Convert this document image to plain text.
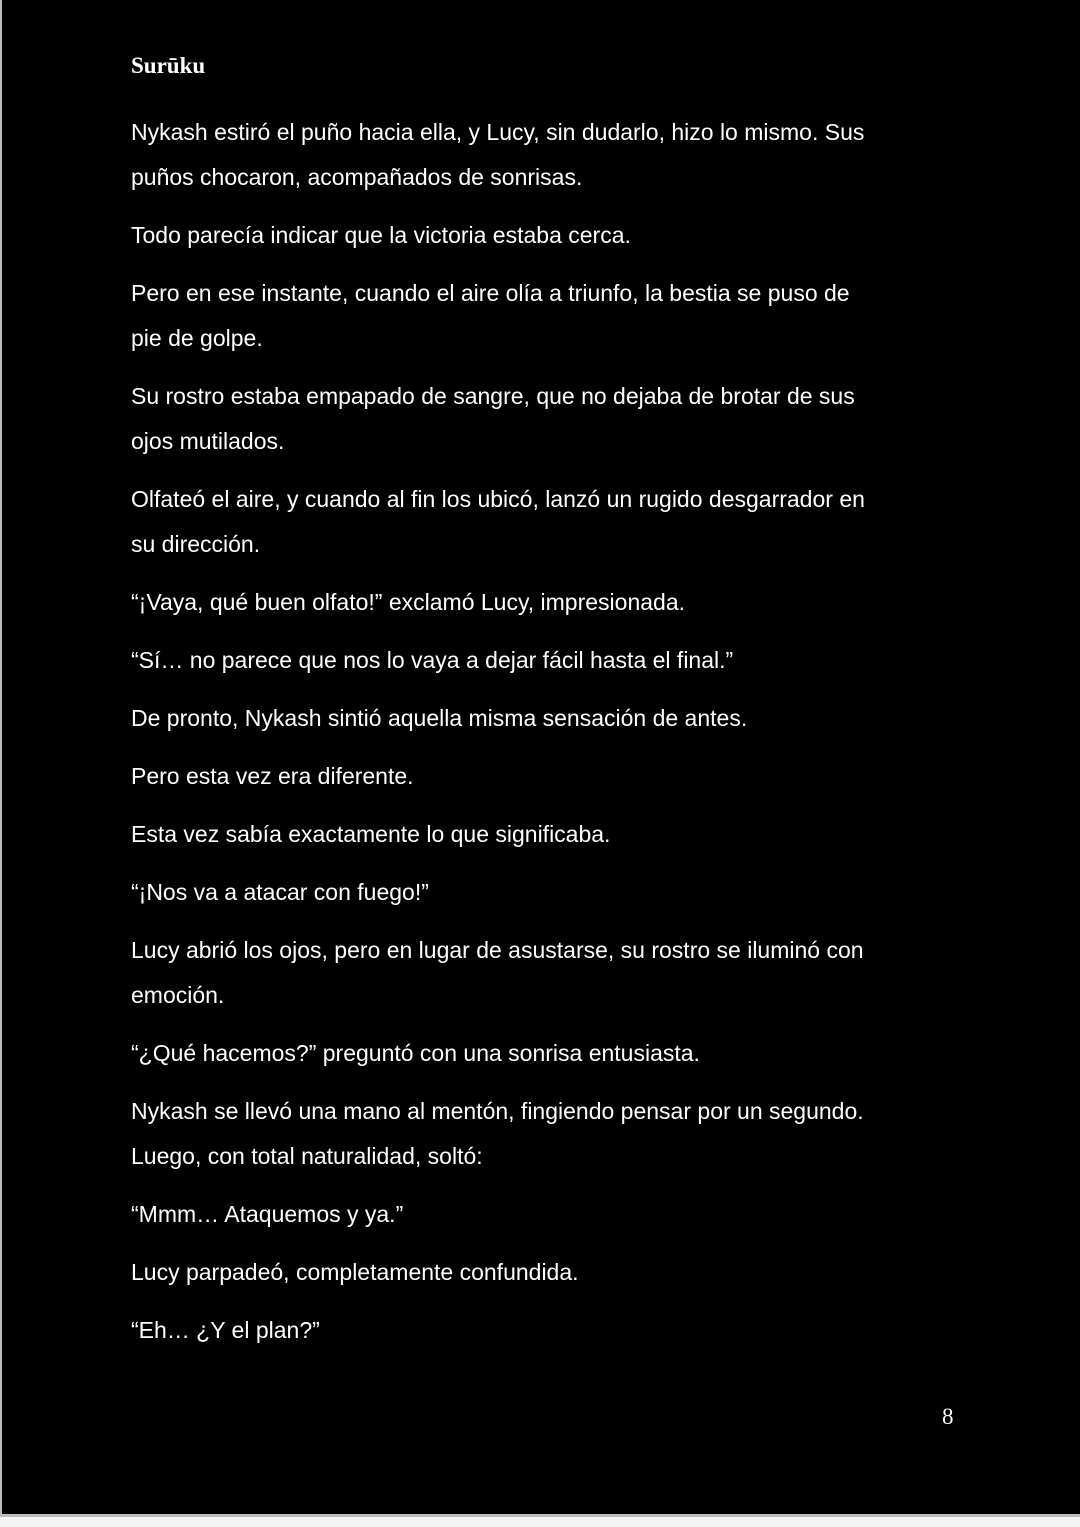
Surūku

Nykash estiró el puño hacia ella, y Lucy, sin dudarlo, hizo lo mismo. Sus
puños chocaron, acompañados de sonrisas.

Todo parecía indicar que la victoria estaba cerca.

Pero en ese instante, cuando el aire olía a triunfo, la bestia se puso de
pie de golpe.

Su rostro estaba empapado de sangre, que no dejaba de brotar de sus
ojos mutilados.

Olfateó el aire, y cuando al fin los ubicó, lanzó un rugido desgarrador en
su dirección.

“¡Vaya, qué buen olfato!” exclamó Lucy, impresionada.

“Sí… no parece que nos lo vaya a dejar fácil hasta el final.”

De pronto, Nykash sintió aquella misma sensación de antes.

Pero esta vez era diferente.

Esta vez sabía exactamente lo que significaba.

“¡Nos va a atacar con fuego!”

Lucy abrió los ojos, pero en lugar de asustarse, su rostro se iluminó con
emoción.

“¿Qué hacemos?” preguntó con una sonrisa entusiasta.

Nykash se llevó una mano al mentón, fingiendo pensar por un segundo.
Luego, con total naturalidad, soltó:

“Mmm… Ataquemos y ya.”

Lucy parpadeó, completamente confundida.

“Eh… ¿Y el plan?”

8
